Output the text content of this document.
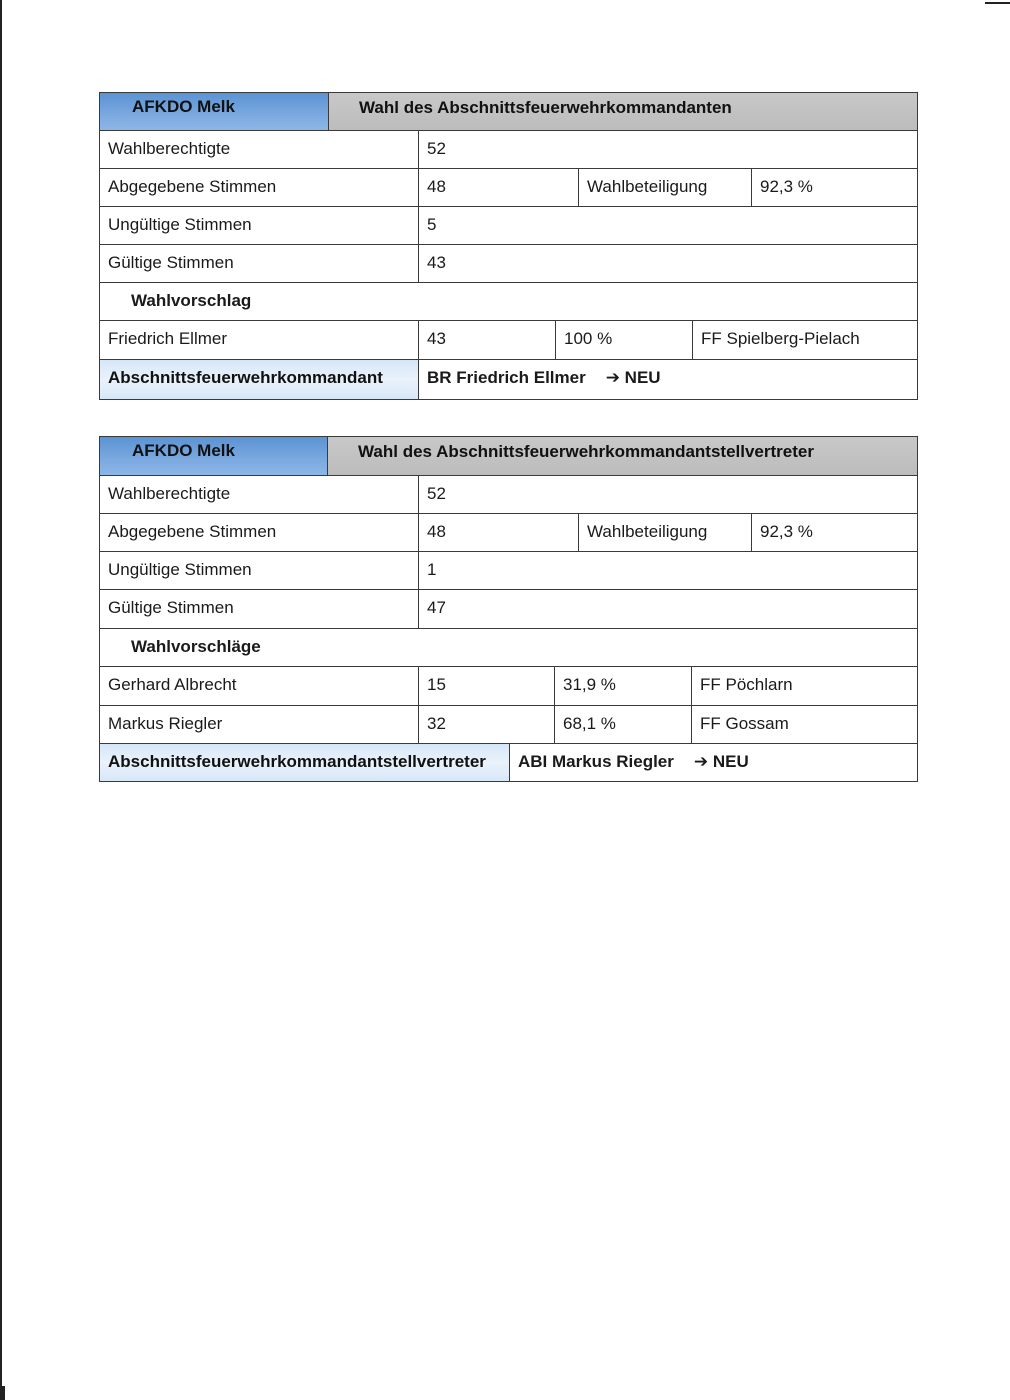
AFKDO Melk	Wahl des Abschnittsfeuerwehrkommandanten
Wahlberechtigte	52
Abgegebene Stimmen	48	Wahlbeteiligung	92,3 %
Ungültige Stimmen	5
Gültige Stimmen	43
Wahlvorschlag
Friedrich Ellmer	43	100 %	FF Spielberg-Pielach
Abschnittsfeuerwehrkommandant	BR Friedrich Ellmer ➔ NEU
AFKDO Melk	Wahl des Abschnittsfeuerwehrkommandantstellvertreter
Wahlberechtigte	52
Abgegebene Stimmen	48	Wahlbeteiligung	92,3 %
Ungültige Stimmen	1
Gültige Stimmen	47
Wahlvorschläge
Gerhard Albrecht	15	31,9 %	FF Pöchlarn
Markus Riegler	32	68,1 %	FF Gossam
Abschnittsfeuerwehrkommandantstellvertreter	ABI Markus Riegler ➔ NEU
